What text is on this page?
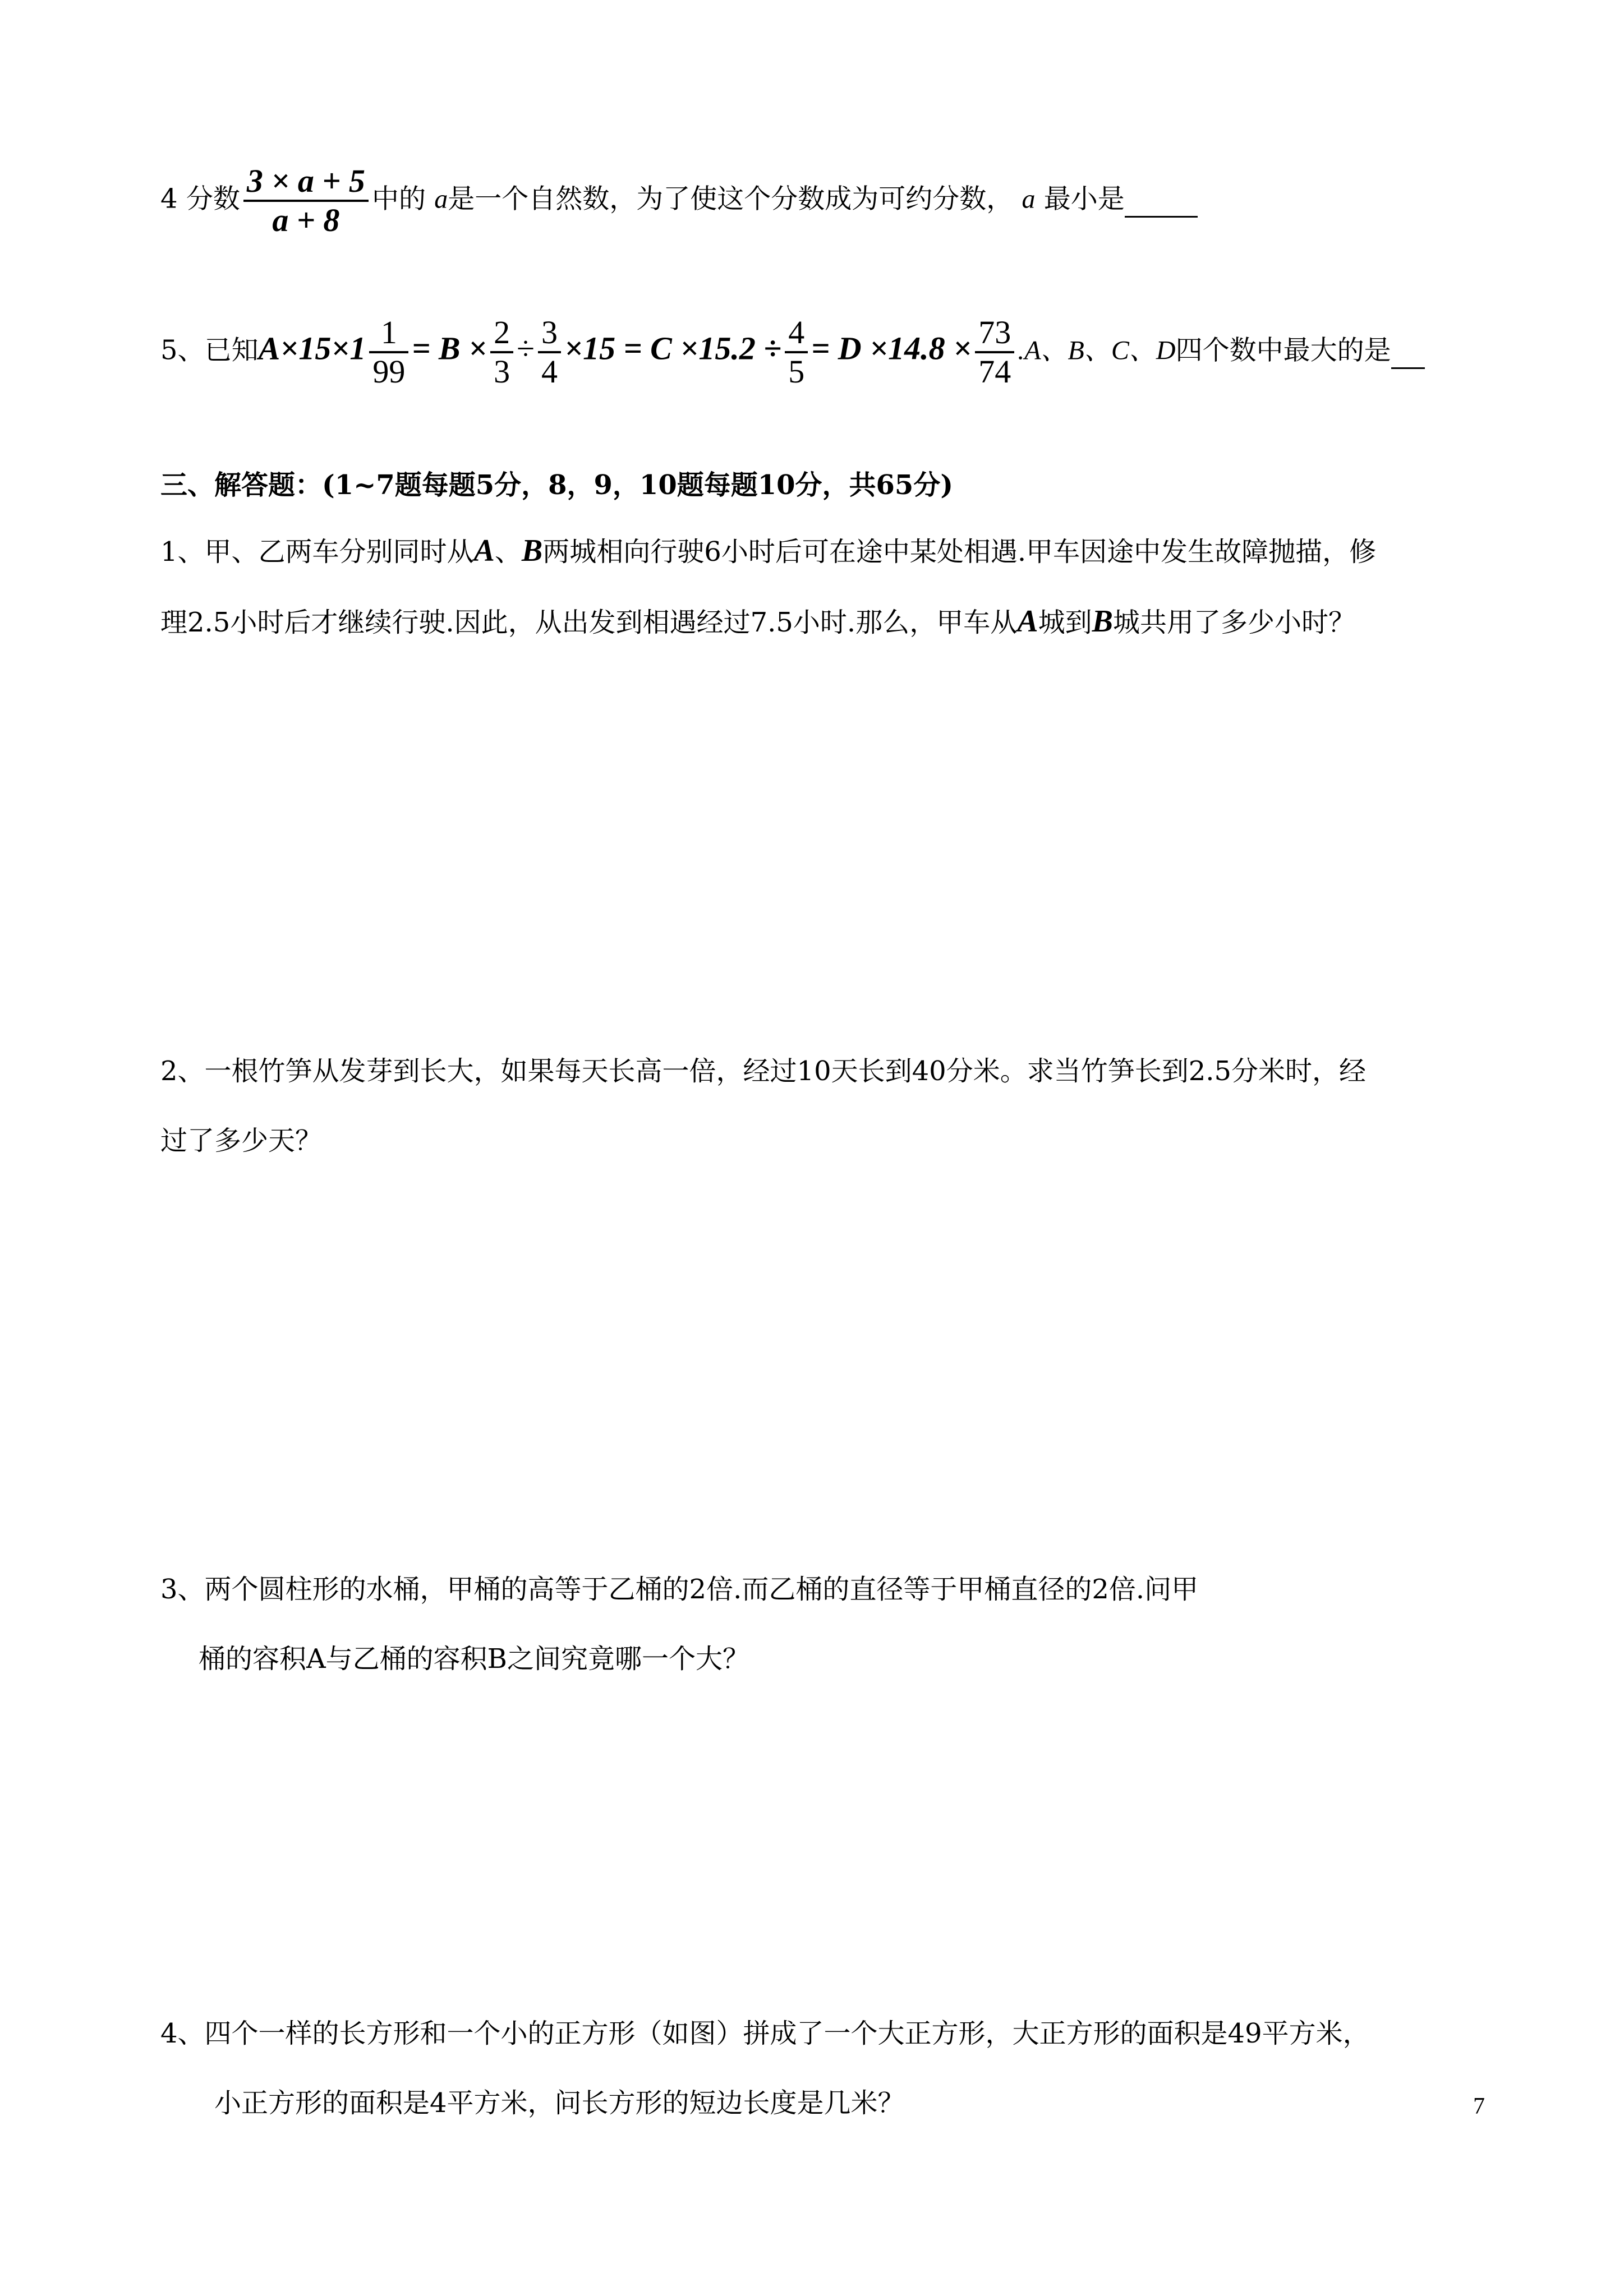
4 分数 $\frac{3 \times a + 5}{a + 8}$ 中的 a是一个自然数，为了使这个分数成为可约分数， a 最小是
5、已知$A\times 15\times 1 \frac{1}{99} = B \times \frac{2}{3} \div \frac{3}{4} \times 15 = C \times 15.2 \div \frac{4}{5} = D \times 14.8 \times \frac{73}{74} .A$、B、C、D四个数中最大的是
三、解答题：(1~7题每题5分，8，9，10题每题10分，共65分)
1、甲、乙两车分别同时从A、B两城相向行驶6小时后可在途中某处相遇.甲车因途中发生故障抛描，修
理2.5小时后才继续行驶.因此，从出发到相遇经过7.5小时.那么，甲车从A城到B城共用了多少小时？
2、一根竹笋从发芽到长大，如果每天长高一倍，经过10天长到40分米。求当竹笋长到2.5分米时，经
过了多少天？
3、两个圆柱形的水桶，甲桶的高等于乙桶的2倍.而乙桶的直径等于甲桶直径的2倍.问甲
桶的容积A与乙桶的容积B之间究竟哪一个大？
4、四个一样的长方形和一个小的正方形（如图）拼成了一个大正方形，大正方形的面积是49平方米，
小正方形的面积是4平方米，问长方形的短边长度是几米？	7
